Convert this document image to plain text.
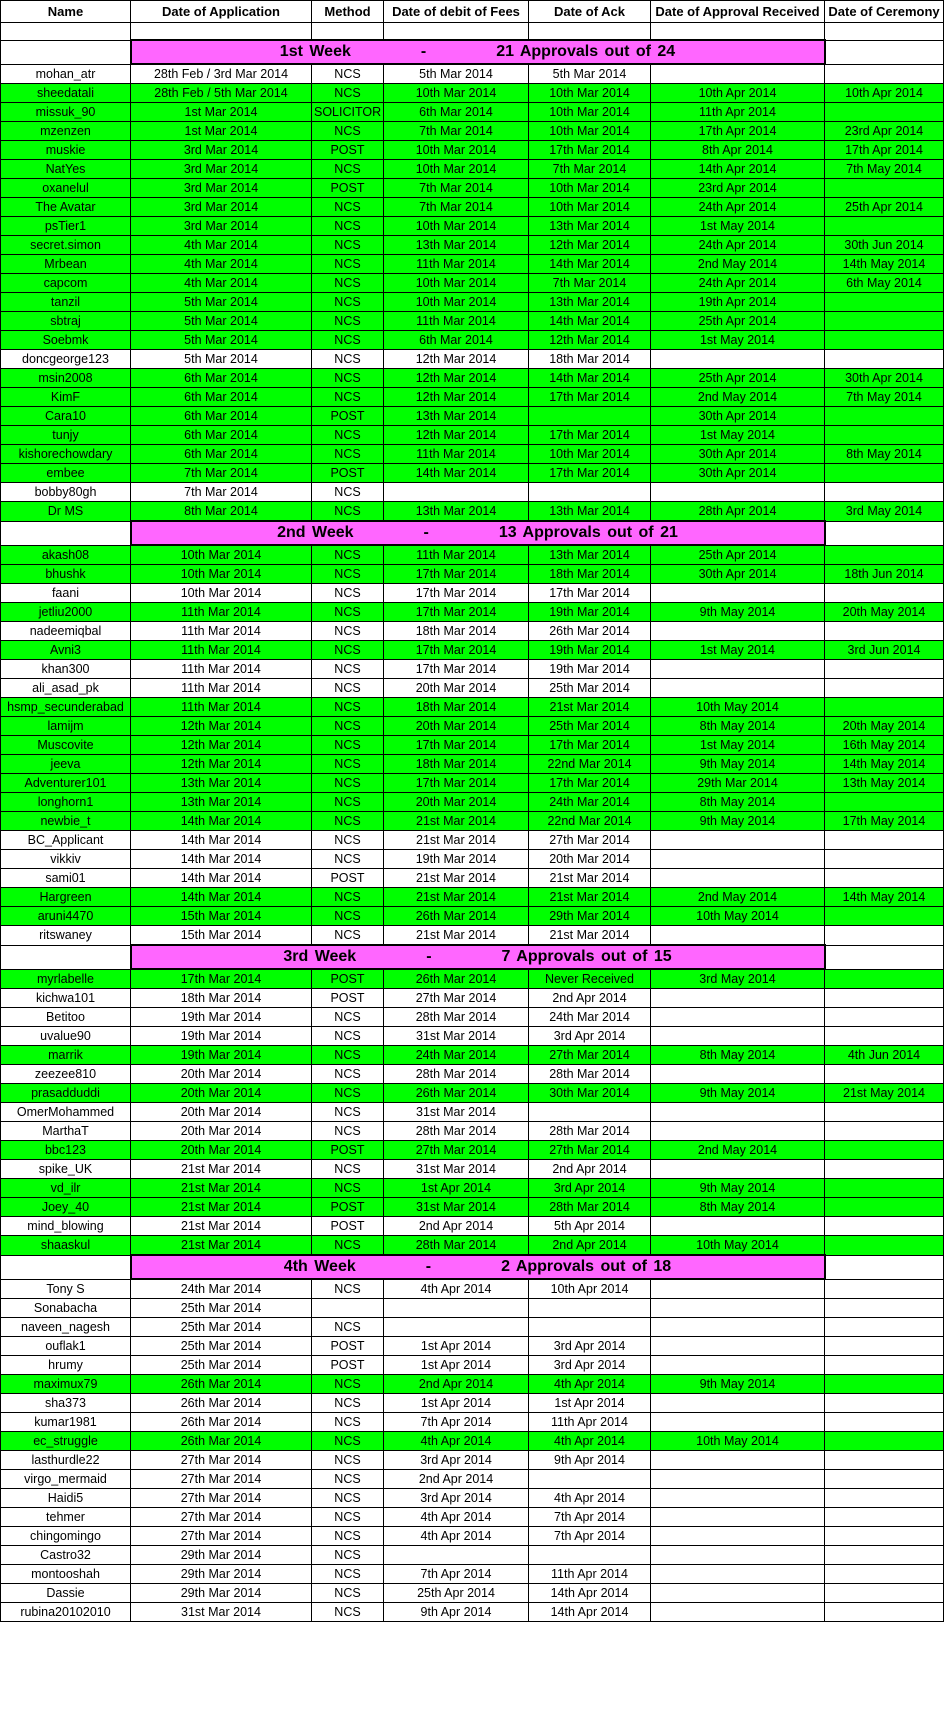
Name	Date of Application	Method	Date of debit of Fees	Date of Ack	Date of Approval Received	Date of Ceremony

	1st Week - 21 Approvals out of 24					
mohan_atr	28th Feb / 3rd Mar 2014	NCS	5th Mar 2014	5th Mar 2014		
sheedatali	28th Feb / 5th Mar 2014	NCS	10th Mar 2014	10th Mar 2014	10th Apr 2014	10th Apr 2014
missuk_90	1st Mar 2014	SOLICITOR	6th Mar 2014	10th Mar 2014	11th Apr 2014	
mzenzen	1st Mar 2014	NCS	7th Mar 2014	10th Mar 2014	17th Apr 2014	23rd Apr 2014
muskie	3rd Mar 2014	POST	10th Mar 2014	17th Mar 2014	8th Apr 2014	17th Apr 2014
NatYes	3rd Mar 2014	NCS	10th Mar 2014	7th Mar 2014	14th Apr 2014	7th May 2014
oxanelul	3rd Mar 2014	POST	7th Mar 2014	10th Mar 2014	23rd Apr 2014	
The Avatar	3rd Mar 2014	NCS	7th Mar 2014	10th Mar 2014	24th Apr 2014	25th Apr 2014
psTier1	3rd Mar 2014	NCS	10th Mar 2014	13th Mar 2014	1st May 2014	
secret.simon	4th Mar 2014	NCS	13th Mar 2014	12th Mar 2014	24th Apr 2014	30th Jun 2014
Mrbean	4th Mar 2014	NCS	11th Mar 2014	14th Mar 2014	2nd May 2014	14th May 2014
capcom	4th Mar 2014	NCS	10th Mar 2014	7th Mar 2014	24th Apr 2014	6th May 2014
tanzil	5th Mar 2014	NCS	10th Mar 2014	13th Mar 2014	19th Apr 2014	
sbtraj	5th Mar 2014	NCS	11th Mar 2014	14th Mar 2014	25th Apr 2014	
Soebmk	5th Mar 2014	NCS	6th Mar 2014	12th Mar 2014	1st May 2014	
doncgeorge123	5th Mar 2014	NCS	12th Mar 2014	18th Mar 2014		
msin2008	6th Mar 2014	NCS	12th Mar 2014	14th Mar 2014	25th Apr 2014	30th Apr 2014
KimF	6th Mar 2014	NCS	12th Mar 2014	17th Mar 2014	2nd May 2014	7th May 2014
Cara10	6th Mar 2014	POST	13th Mar 2014		30th Apr 2014	
tunjy	6th Mar 2014	NCS	12th Mar 2014	17th Mar 2014	1st May 2014	
kishorechowdary	6th Mar 2014	NCS	11th Mar 2014	10th Mar 2014	30th Apr 2014	8th May 2014
embee	7th Mar 2014	POST	14th Mar 2014	17th Mar 2014	30th Apr 2014	
bobby80gh	7th Mar 2014	NCS				
Dr MS	8th Mar 2014	NCS	13th Mar 2014	13th Mar 2014	28th Apr 2014	3rd May 2014
	2nd Week - 13 Approvals out of 21					
akash08	10th Mar 2014	NCS	11th Mar 2014	13th Mar 2014	25th Apr 2014	
bhushk	10th Mar 2014	NCS	17th Mar 2014	18th Mar 2014	30th Apr 2014	18th Jun 2014
faani	10th Mar 2014	NCS	17th Mar 2014	17th Mar 2014		
jetliu2000	11th Mar 2014	NCS	17th Mar 2014	19th Mar 2014	9th May 2014	20th May 2014
nadeemiqbal	11th Mar 2014	NCS	18th Mar 2014	26th Mar 2014		
Avni3	11th Mar 2014	NCS	17th Mar 2014	19th Mar 2014	1st May 2014	3rd Jun 2014
khan300	11th Mar 2014	NCS	17th Mar 2014	19th Mar 2014		
ali_asad_pk	11th Mar 2014	NCS	20th Mar 2014	25th Mar 2014		
hsmp_secunderabad	11th Mar 2014	NCS	18th Mar 2014	21st Mar 2014	10th May 2014	
lamijm	12th Mar 2014	NCS	20th Mar 2014	25th Mar 2014	8th May 2014	20th May 2014
Muscovite	12th Mar 2014	NCS	17th Mar 2014	17th Mar 2014	1st May 2014	16th May 2014
jeeva	12th Mar 2014	NCS	18th Mar 2014	22nd Mar 2014	9th May 2014	14th May 2014
Adventurer101	13th Mar 2014	NCS	17th Mar 2014	17th Mar 2014	29th Mar 2014	13th May 2014
longhorn1	13th Mar 2014	NCS	20th Mar 2014	24th Mar 2014	8th May 2014	
newbie_t	14th Mar 2014	NCS	21st Mar 2014	22nd Mar 2014	9th May 2014	17th May 2014
BC_Applicant	14th Mar 2014	NCS	21st Mar 2014	27th Mar 2014		
vikkiv	14th Mar 2014	NCS	19th Mar 2014	20th Mar 2014		
sami01	14th Mar 2014	POST	21st Mar 2014	21st Mar 2014		
Hargreen	14th Mar 2014	NCS	21st Mar 2014	21st Mar 2014	2nd May 2014	14th May 2014
aruni4470	15th Mar 2014	NCS	26th Mar 2014	29th Mar 2014	10th May 2014	
ritswaney	15th Mar 2014	NCS	21st Mar 2014	21st Mar 2014		
	3rd Week - 7 Approvals out of 15					
myrlabelle	17th Mar 2014	POST	26th Mar 2014	Never Received	3rd May 2014	
kichwa101	18th Mar 2014	POST	27th Mar 2014	2nd Apr 2014		
Betitoo	19th Mar 2014	NCS	28th Mar 2014	24th Mar 2014		
uvalue90	19th Mar 2014	NCS	31st Mar 2014	3rd Apr 2014		
marrik	19th Mar 2014	NCS	24th Mar 2014	27th Mar 2014	8th May 2014	4th Jun 2014
zeezee810	20th Mar 2014	NCS	28th Mar 2014	28th Mar 2014		
prasadduddi	20th Mar 2014	NCS	26th Mar 2014	30th Mar 2014	9th May 2014	21st May 2014
OmerMohammed	20th Mar 2014	NCS	31st Mar 2014			
MarthaT	20th Mar 2014	NCS	28th Mar 2014	28th Mar 2014		
bbc123	20th Mar 2014	POST	27th Mar 2014	27th Mar 2014	2nd May 2014	
spike_UK	21st Mar 2014	NCS	31st Mar 2014	2nd Apr 2014		
vd_ilr	21st Mar 2014	NCS	1st Apr 2014	3rd Apr 2014	9th May 2014	
Joey_40	21st Mar 2014	POST	31st Mar 2014	28th Mar 2014	8th May 2014	
mind_blowing	21st Mar 2014	POST	2nd Apr 2014	5th Apr 2014		
shaaskul	21st Mar 2014	NCS	28th Mar 2014	2nd Apr 2014	10th May 2014	
	4th Week - 2 Approvals out of 18					
Tony S	24th Mar 2014	NCS	4th Apr 2014	10th Apr 2014		
Sonabacha	25th Mar 2014					
naveen_nagesh	25th Mar 2014	NCS				
ouflak1	25th Mar 2014	POST	1st Apr 2014	3rd Apr 2014		
hrumy	25th Mar 2014	POST	1st Apr 2014	3rd Apr 2014		
maximux79	26th Mar 2014	NCS	2nd Apr 2014	4th Apr 2014	9th May 2014	
sha373	26th Mar 2014	NCS	1st Apr 2014	1st Apr 2014		
kumar1981	26th Mar 2014	NCS	7th Apr 2014	11th Apr 2014		
ec_struggle	26th Mar 2014	NCS	4th Apr 2014	4th Apr 2014	10th May 2014	
lasthurdle22	27th Mar 2014	NCS	3rd Apr 2014	9th Apr 2014		
virgo_mermaid	27th Mar 2014	NCS	2nd Apr 2014			
Haidi5	27th Mar 2014	NCS	3rd Apr 2014	4th Apr 2014		
tehmer	27th Mar 2014	NCS	4th Apr 2014	7th Apr 2014		
chingomingo	27th Mar 2014	NCS	4th Apr 2014	7th Apr 2014		
Castro32	29th Mar 2014	NCS				
montooshah	29th Mar 2014	NCS	7th Apr 2014	11th Apr 2014		
Dassie	29th Mar 2014	NCS	25th Apr 2014	14th Apr 2014		
rubina20102010	31st Mar 2014	NCS	9th Apr 2014	14th Apr 2014		
